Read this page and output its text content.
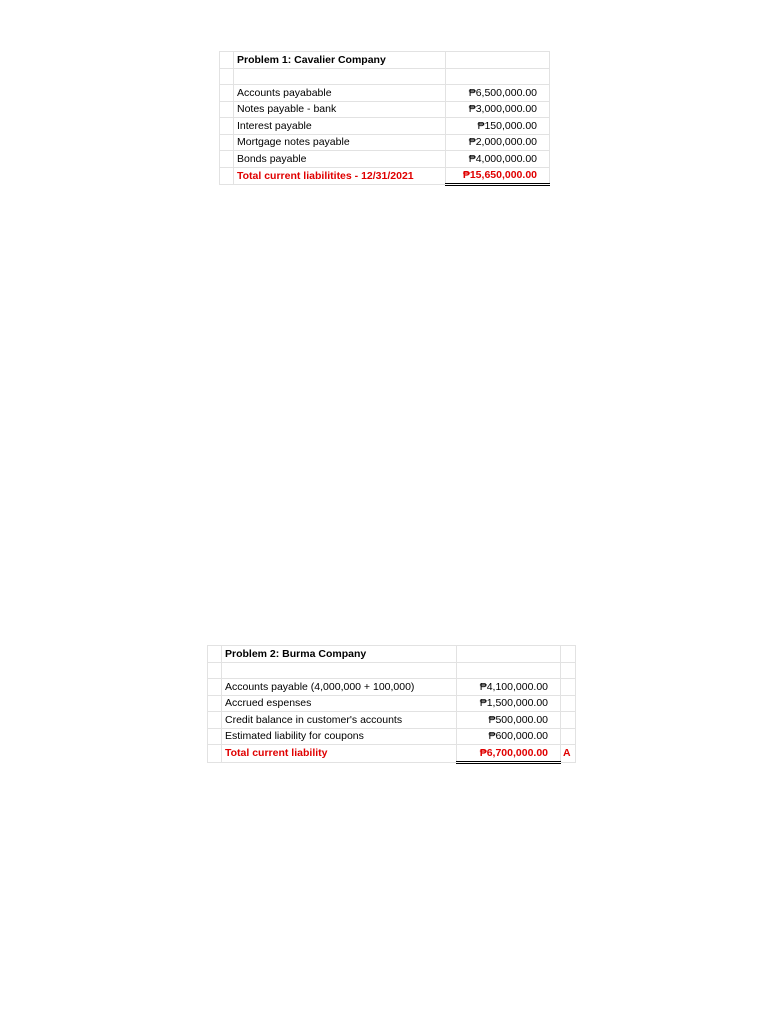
	Problem 1: Cavalier Company	

	Accounts payabable	₱6,500,000.00
	Notes payable - bank	₱3,000,000.00
	Interest payable	₱150,000.00
	Mortgage notes payable	₱2,000,000.00
	Bonds payable	₱4,000,000.00
	Total current liabilitites - 12/31/2021	₱15,650,000.00
	Problem 2: Burma Company		

	Accounts payable (4,000,000 + 100,000)	₱4,100,000.00	
	Accrued espenses	₱1,500,000.00	
	Credit balance in customer's accounts	₱500,000.00	
	Estimated liability for coupons	₱600,000.00	
	Total current liability	₱6,700,000.00	A
